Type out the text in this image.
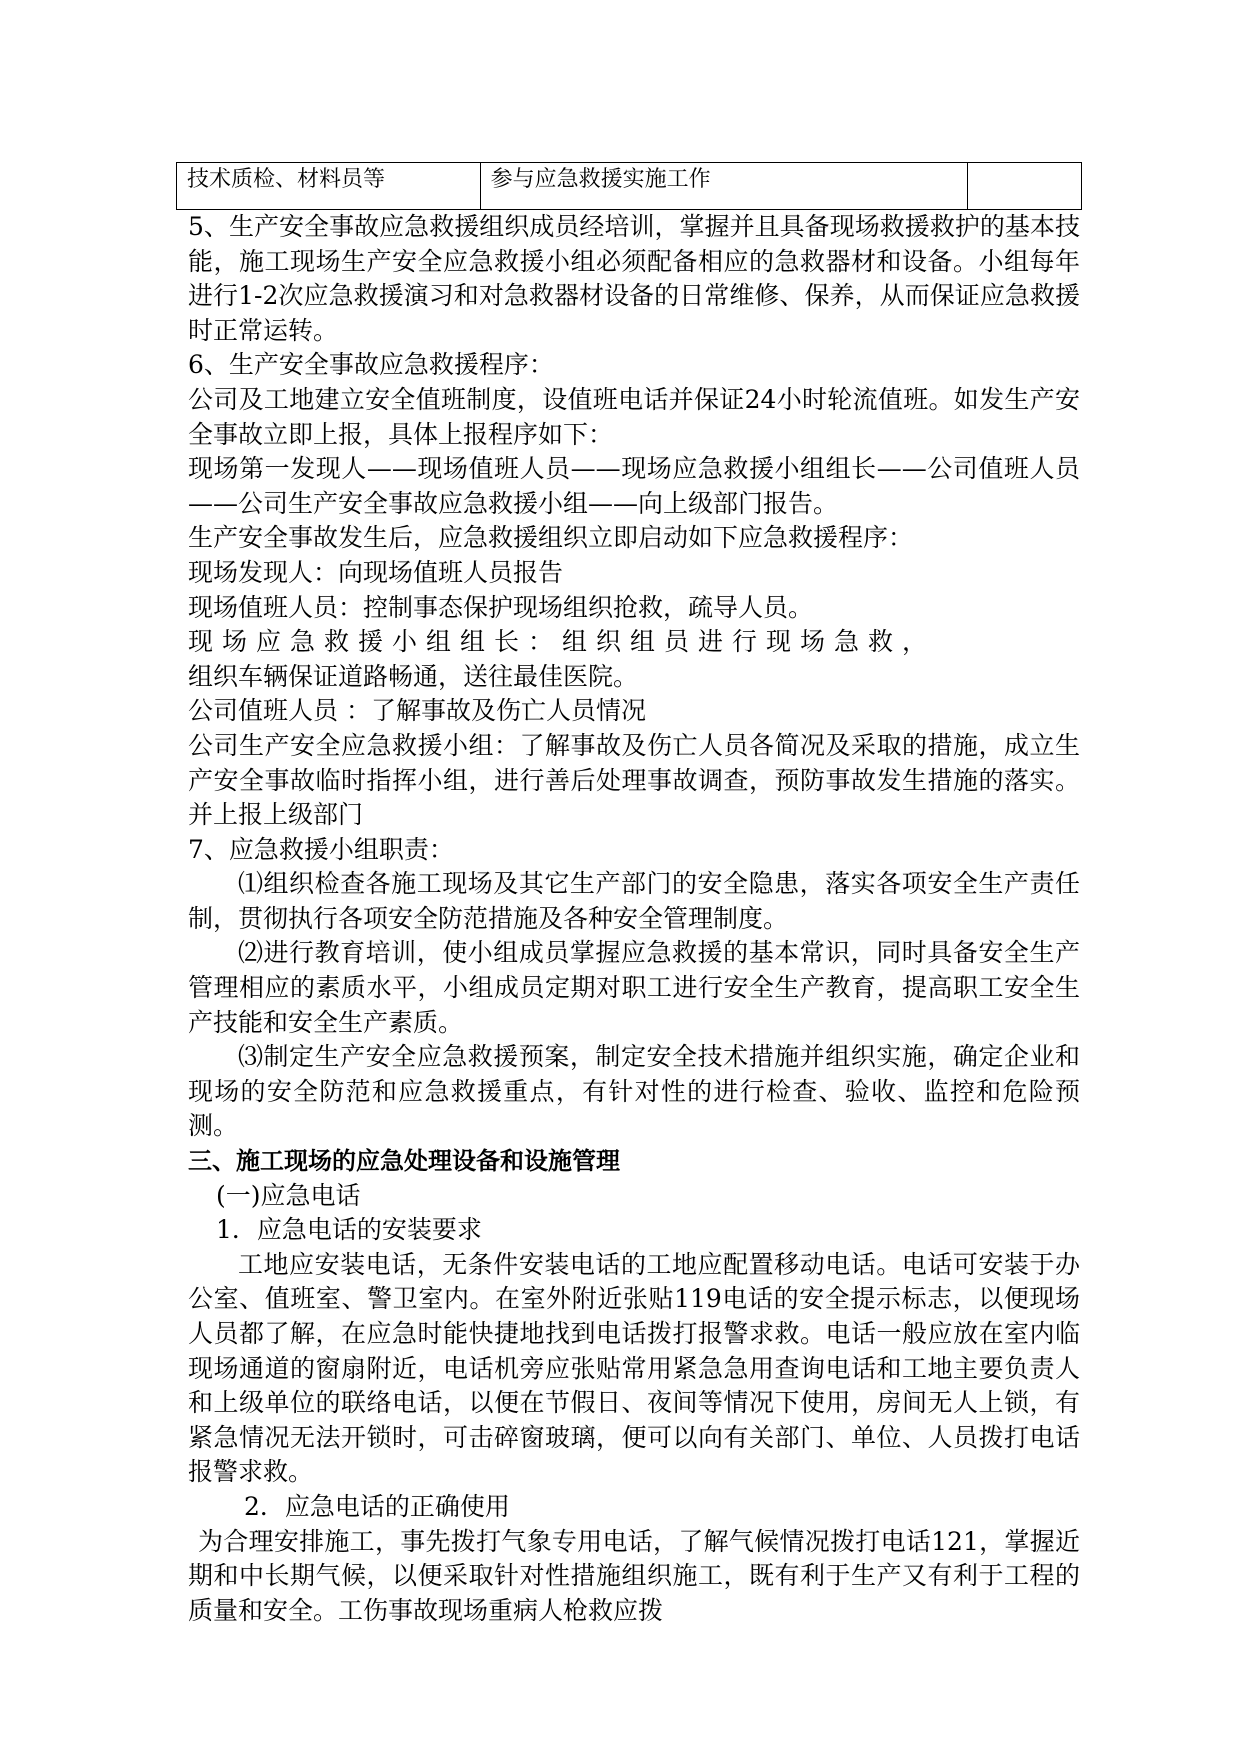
技术质检、材料员等	参与应急救援实施工作	

5、生产安全事故应急救援组织成员经培训，掌握并且具备现场救援救护的基本技能，施工现场生产安全应急救援小组必须配备相应的急救器材和设备。小组每年进行1-2次应急救援演习和对急救器材设备的日常维修、保养，从而保证应急救援时正常运转。

6、生产安全事故应急救援程序：

公司及工地建立安全值班制度，设值班电话并保证24小时轮流值班。如发生产安全事故立即上报，具体上报程序如下：

现场第一发现人——现场值班人员——现场应急救援小组组长——公司值班人员——公司生产安全事故应急救援小组——向上级部门报告。

生产安全事故发生后，应急救援组织立即启动如下应急救援程序：

现场发现人：向现场值班人员报告

现场值班人员：控制事态保护现场组织抢救，疏导人员。

现场应急救援小组组长：组织组员进行现场急救，

组织车辆保证道路畅通，送往最佳医院。

公司值班人员 ：了解事故及伤亡人员情况

公司生产安全应急救援小组：了解事故及伤亡人员各简况及采取的措施，成立生产安全事故临时指挥小组，进行善后处理事故调查，预防事故发生措施的落实。并上报上级部门

7、应急救援小组职责：

⑴组织检查各施工现场及其它生产部门的安全隐患，落实各项安全生产责任制，贯彻执行各项安全防范措施及各种安全管理制度。

⑵进行教育培训，使小组成员掌握应急救援的基本常识，同时具备安全生产管理相应的素质水平，小组成员定期对职工进行安全生产教育，提高职工安全生产技能和安全生产素质。

⑶制定生产安全应急救援预案，制定安全技术措施并组织实施，确定企业和现场的安全防范和应急救援重点，有针对性的进行检查、验收、监控和危险预测。

三、施工现场的应急处理设备和设施管理

(一)应急电话

1．应急电话的安装要求

工地应安装电话，无条件安装电话的工地应配置移动电话。电话可安装于办公室、值班室、警卫室内。在室外附近张贴119电话的安全提示标志，以便现场人员都了解，在应急时能快捷地找到电话拨打报警求救。电话一般应放在室内临现场通道的窗扇附近，电话机旁应张贴常用紧急急用查询电话和工地主要负责人和上级单位的联络电话，以便在节假日、夜间等情况下使用，房间无人上锁，有紧急情况无法开锁时，可击碎窗玻璃，便可以向有关部门、单位、人员拨打电话报警求救。

2．应急电话的正确使用

为合理安排施工，事先拨打气象专用电话，了解气候情况拨打电话121，掌握近期和中长期气候，以便采取针对性措施组织施工，既有利于生产又有利于工程的质量和安全。工伤事故现场重病人枪救应拨
